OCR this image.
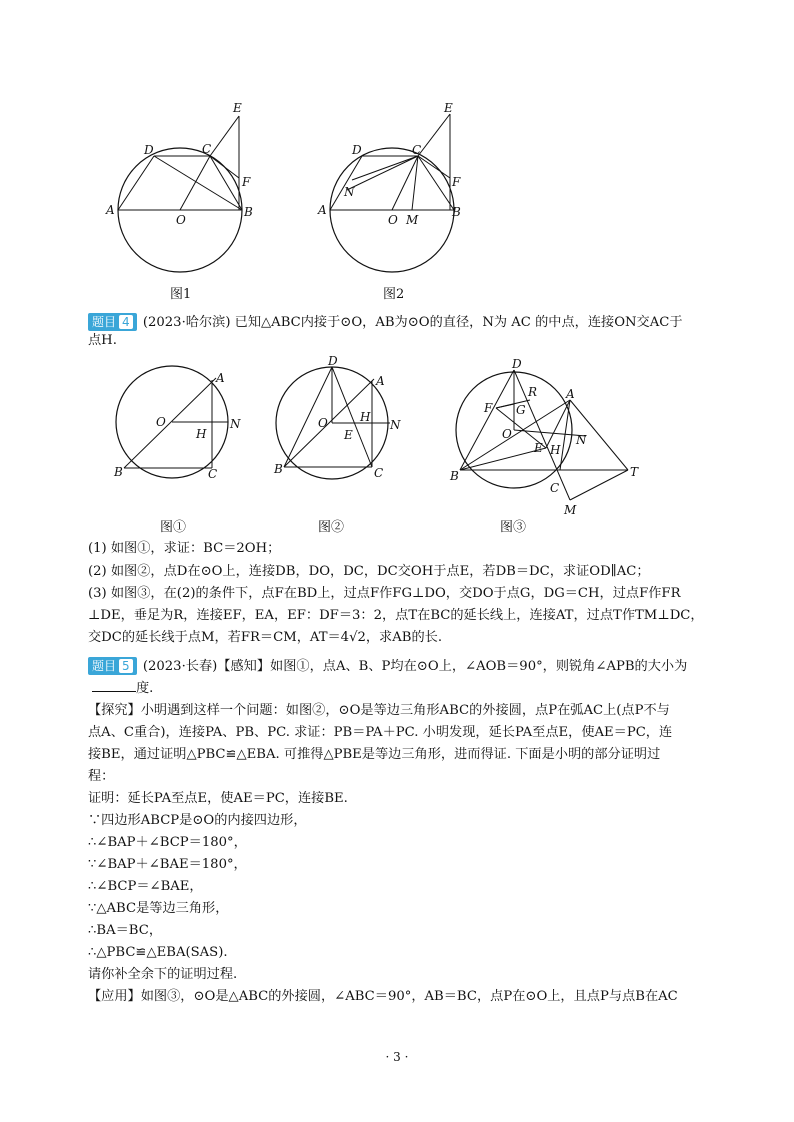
A	B
C
D
E
F
O
图1
A	B
C
D
E
F
O
N
M
图2
题目 4 (2023·哈尔滨) 已知△ABC内接于⊙O，AB为⊙O的直径，N为 AC 的中点，连接ON交AC于
点H.
A
B	C
O
H
N
图①
A
B	C
D
O	H
N
E
图②
A
B
C
D
O
H
N
E
F G
R
T
M
图③
(1) 如图①，求证：BC＝2OH；
(2) 如图②，点D在⊙O上，连接DB，DO，DC，DC交OH于点E，若DB＝DC，求证OD∥AC；
(3) 如图③，在(2)的条件下，点F在BD上，过点F作FG⊥DO，交DO于点G，DG＝CH，过点F作FR
⊥DE，垂足为R，连接EF，EA，EF：DF＝3：2，点T在BC的延长线上，连接AT，过点T作TM⊥DC，
交DC的延长线于点M，若FR＝CM，AT＝4√2，求AB的长.
题目 5 (2023·长春)【感知】如图①，点A、B、P均在⊙O上，∠AOB＝90°，则锐角∠APB的大小为
度.
【探究】小明遇到这样一个问题：如图②，⊙O是等边三角形ABC的外接圆，点P在弧AC上(点P不与
点A、C重合)，连接PA、PB、PC. 求证：PB＝PA＋PC. 小明发现，延长PA至点E，使AE＝PC，连
接BE，通过证明△PBC≌△EBA. 可推得△PBE是等边三角形，进而得证. 下面是小明的部分证明过
程：
证明：延长PA至点E，使AE＝PC，连接BE.
∵四边形ABCP是⊙O的内接四边形，
∴∠BAP＋∠BCP＝180°，
∵∠BAP＋∠BAE＝180°，
∴∠BCP＝∠BAE，
∵△ABC是等边三角形，
∴BA＝BC，
∴△PBC≌△EBA(SAS).
请你补全余下的证明过程.
【应用】如图③，⊙O是△ABC的外接圆，∠ABC＝90°，AB＝BC，点P在⊙O上，且点P与点B在AC
· 3 ·
